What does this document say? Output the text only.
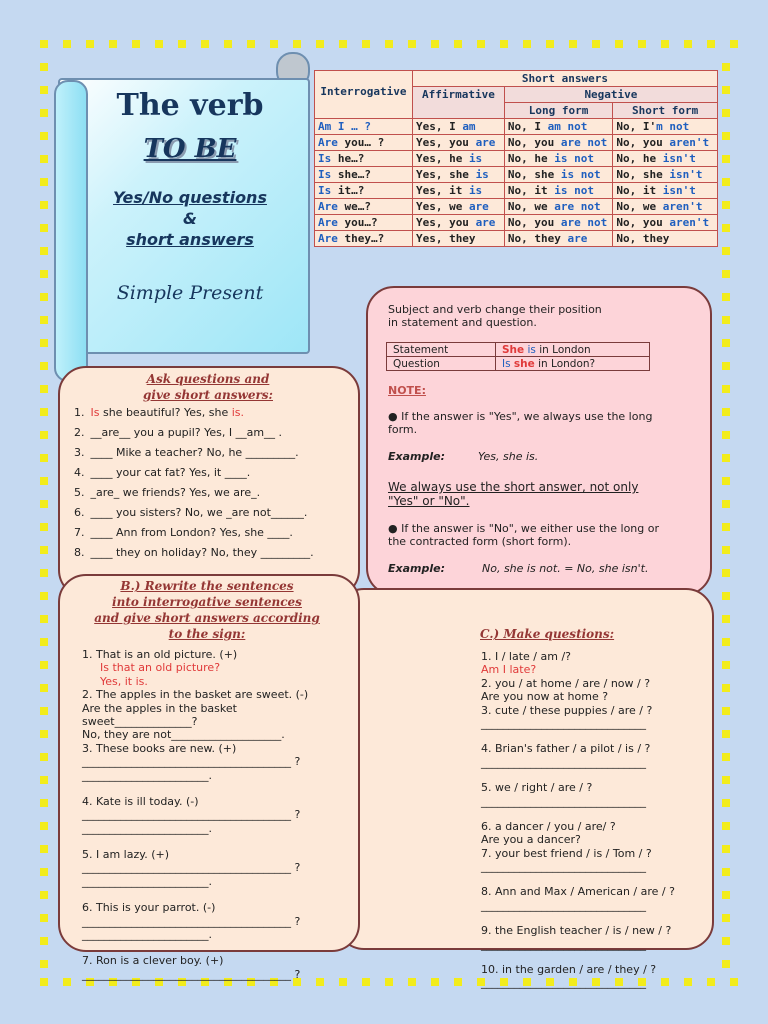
The verb
TO BE
Yes/No questions
&
short answers
Simple Present
Interrogative	Short answers		
	Affirmative	Negative	
		Long form	Short form
Am I … ?	Yes, I am	No, I am not	No, I'm not
Are you… ?	Yes, you are	No, you are not	No, you aren't
Is he…?	Yes, he is	No, he is not	No, he isn't
Is she…?	Yes, she is	No, she is not	No, she isn't
Is it…?	Yes, it is	No, it is not	No, it isn't
Are we…?	Yes, we are	No, we are not	No, we aren't
Are you…?	Yes, you are	No, you are not	No, you aren't
Are they…?	Yes, they	No, they are	No, they
Subject and verb change their position
in statement and question.
Statement	She is in London
Question	Is she in London?
NOTE:
● If the answer is "Yes", we always use the long
form.
Example:	Yes, she is.
We always use the short answer, not only
"Yes" or "No".
● If the answer is "No", we either use the long or
the contracted form (short form).
Example:	No, she is not. = No, she isn't.
Ask questions and
give short answers:
1. Is she beautiful? Yes, she is.
2. __are__ you a pupil? Yes, I __am__ .
3. ____ Mike a teacher? No, he _________.
4. ____ your cat fat? Yes, it ____.
5. _are_ we friends? Yes, we are_.
6. ____ you sisters? No, we _are not______.
7. ____ Ann from London? Yes, she ____.
8. ____ they on holiday? No, they _________.
C.) Make questions:
1. I / late / am /?
Am I late?
2. you / at home / are / now / ?
Are you now at home ?
3. cute / these puppies / are / ?
______________________________
4. Brian's father / a pilot / is / ?
______________________________
5. we / right / are / ?
______________________________
6. a dancer / you / are/ ?
Are you a dancer?
7. your best friend / is / Tom / ?
______________________________
8. Ann and Max / American / are / ?
______________________________
9. the English teacher / is / new / ?
______________________________
10. in the garden / are / they / ?
______________________________
B.) Rewrite the sentences
into interrogative sentences
and give short answers according
to the sign:
1. That is an old picture. (+)
Is that an old picture?
Yes, it is.
2. The apples in the basket are sweet. (-)
Are the apples in the basket
sweet______________?
No, they are not____________________.
3. These books are new. (+)
______________________________________ ?
_______________________.
4. Kate is ill today. (-)
______________________________________ ?
_______________________.
5. I am lazy. (+)
______________________________________ ?
_______________________.
6. This is your parrot. (-)
______________________________________ ?
_______________________.
7. Ron is a clever boy. (+)
______________________________________ ?
